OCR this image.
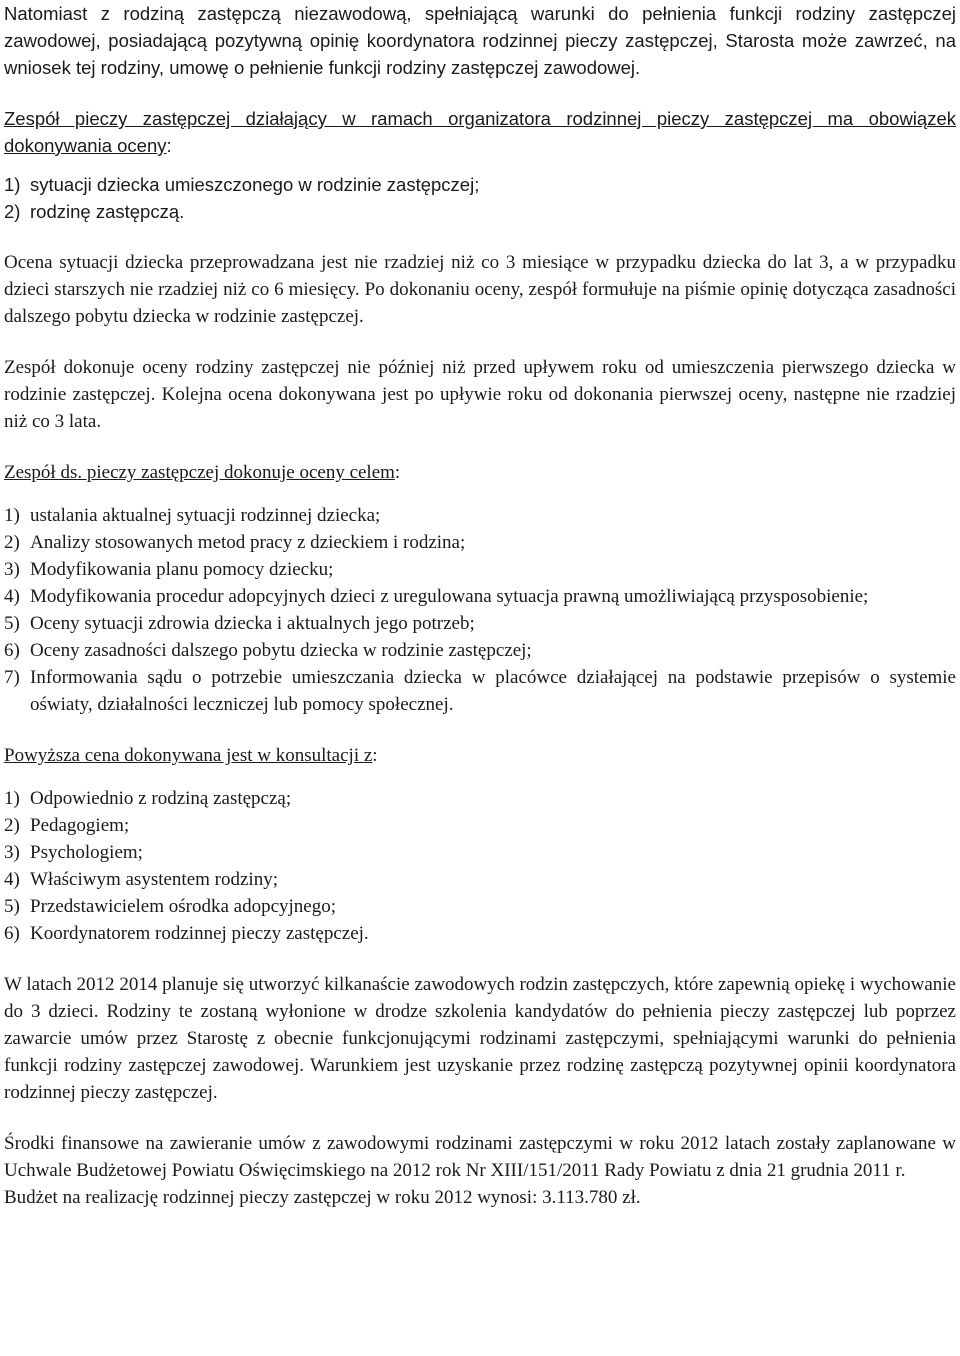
Natomiast z rodziną zastępczą niezawodową, spełniającą warunki do pełnienia funkcji rodziny zastępczej zawodowej, posiadającą pozytywną opinię koordynatora rodzinnej pieczy zastępczej, Starosta może zawrzeć, na wniosek tej rodziny, umowę o pełnienie funkcji rodziny zastępczej zawodowej.

Zespół pieczy zastępczej działający w ramach organizatora rodzinnej pieczy zastępczej ma obowiązek dokonywania oceny:

1) sytuacji dziecka umieszczonego w rodzinie zastępczej;
2) rodzinę zastępczą.

Ocena sytuacji dziecka przeprowadzana jest nie rzadziej niż co 3 miesiące w przypadku dziecka do lat 3, a w przypadku dzieci starszych nie rzadziej niż co 6 miesięcy. Po dokonaniu oceny, zespół formułuje na piśmie opinię dotycząca zasadności dalszego pobytu dziecka w rodzinie zastępczej.

Zespół dokonuje oceny rodziny zastępczej nie później niż przed upływem roku od umieszczenia pierwszego dziecka w rodzinie zastępczej. Kolejna ocena dokonywana jest po upływie roku od dokonania pierwszej oceny, następne nie rzadziej niż co 3 lata.

Zespół ds. pieczy zastępczej dokonuje oceny celem:

1) ustalania aktualnej sytuacji rodzinnej dziecka;
2) Analizy stosowanych metod pracy z dzieckiem i rodzina;
3) Modyfikowania planu pomocy dziecku;
4) Modyfikowania procedur adopcyjnych dzieci z uregulowana sytuacja prawną umożliwiającą przysposobienie;
5) Oceny sytuacji zdrowia dziecka i aktualnych jego potrzeb;
6) Oceny zasadności dalszego pobytu dziecka w rodzinie zastępczej;
7) Informowania sądu o potrzebie umieszczania dziecka w placówce działającej na podstawie przepisów o systemie oświaty, działalności leczniczej lub pomocy społecznej.

Powyższa cena dokonywana jest w konsultacji z:

1) Odpowiednio z rodziną zastępczą;
2) Pedagogiem;
3) Psychologiem;
4) Właściwym asystentem rodziny;
5) Przedstawicielem ośrodka adopcyjnego;
6) Koordynatorem rodzinnej pieczy zastępczej.

W latach 2012 2014 planuje się utworzyć kilkanaście zawodowych rodzin zastępczych, które zapewnią opiekę i wychowanie do 3 dzieci. Rodziny te zostaną wyłonione w drodze szkolenia kandydatów do pełnienia pieczy zastępczej lub poprzez zawarcie umów przez Starostę z obecnie funkcjonującymi rodzinami zastępczymi, spełniającymi warunki do pełnienia funkcji rodziny zastępczej zawodowej. Warunkiem jest uzyskanie przez rodzinę zastępczą pozytywnej opinii koordynatora rodzinnej pieczy zastępczej.

Środki finansowe na zawieranie umów z zawodowymi rodzinami zastępczymi w roku 2012 latach zostały zaplanowane w Uchwale Budżetowej Powiatu Oświęcimskiego na 2012 rok Nr XIII/151/2011 Rady Powiatu z dnia 21 grudnia 2011 r.

Budżet na realizację rodzinnej pieczy zastępczej w roku 2012 wynosi: 3.113.780 zł.
